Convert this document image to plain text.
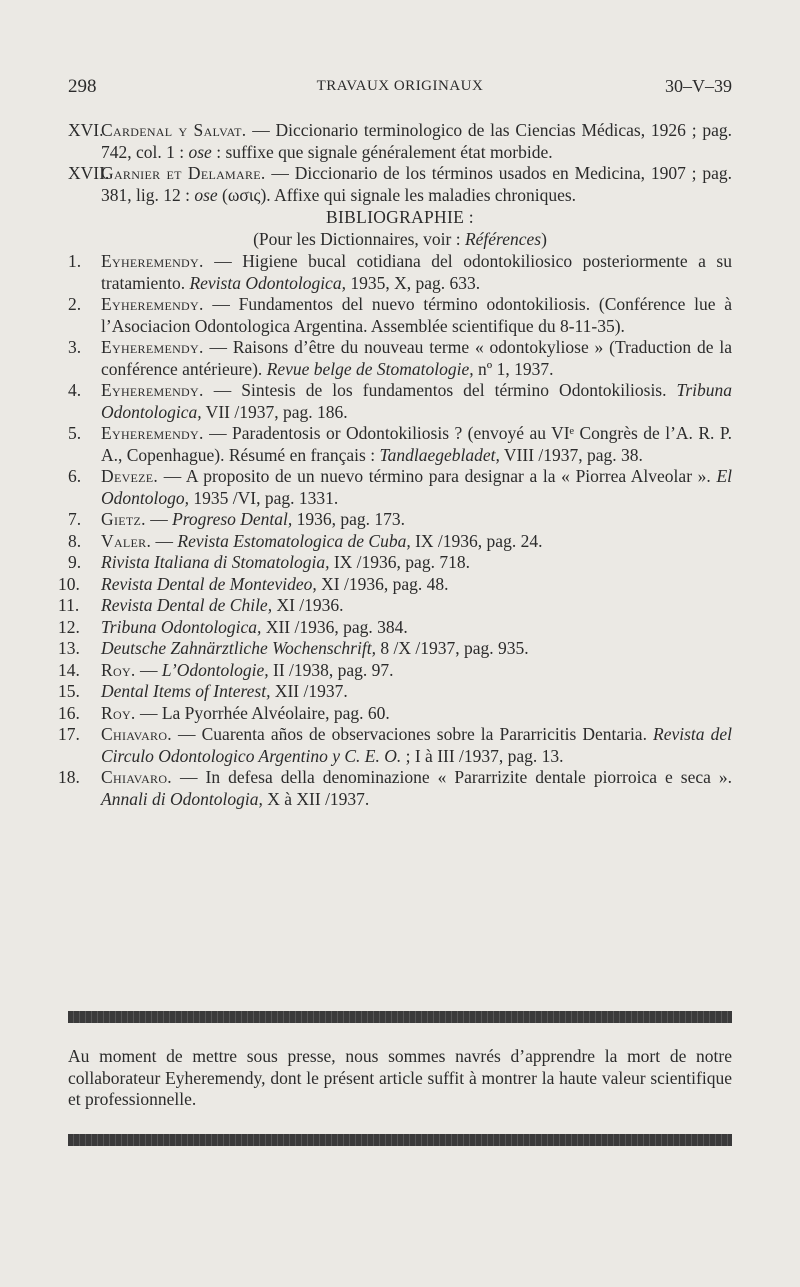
298	TRAVAUX ORIGINAUX	30–V–39
XVI.
Cardenal y Salvat. — Diccionario terminologico de las Ciencias Médicas, 1926 ; pag. 742, col. 1 : ose : suffixe que signale généralement état morbide.
XVII.
Garnier et Delamare. — Diccionario de los términos usados en Medicina, 1907 ; pag. 381, lig. 12 : ose (ωσις). Affixe qui signale les maladies chroniques.
BIBLIOGRAPHIE :
(Pour les Dictionnaires, voir : Références)
1.	Eyheremendy. — Higiene bucal cotidiana del odontokiliosico posteriormente a su tratamiento. Revista Odontologica, 1935, X, pag. 633.
2.	Eyheremendy. — Fundamentos del nuevo término odontokiliosis. (Conférence lue à l’Asociacion Odontologica Argentina. Assemblée scientifique du 8-11-35).
3.	Eyheremendy. — Raisons d’être du nouveau terme « odontokyliose » (Traduction de la conférence antérieure). Revue belge de Stomatologie, nº 1, 1937.
4.	Eyheremendy. — Sintesis de los fundamentos del término Odontokiliosis. Tribuna Odontologica, VII /1937, pag. 186.
5.	Eyheremendy. — Paradentosis or Odontokiliosis ? (envoyé au VIᵉ Congrès de l’A. R. P. A., Copenhague). Résumé en français : Tandlaegebladet, VIII /1937, pag. 38.
6.	Deveze. — A proposito de un nuevo término para designar a la « Piorrea Alveolar ». El Odontologo, 1935 /VI, pag. 1331.
7.	Gietz. — Progreso Dental, 1936, pag. 173.
8.	Valer. — Revista Estomatologica de Cuba, IX /1936, pag. 24.
9.	Rivista Italiana di Stomatologia, IX /1936, pag. 718.
10.	Revista Dental de Montevideo, XI /1936, pag. 48.
11.	Revista Dental de Chile, XI /1936.
12.	Tribuna Odontologica, XII /1936, pag. 384.
13.	Deutsche Zahnärztliche Wochenschrift, 8 /X /1937, pag. 935.
14.	Roy. — L’Odontologie, II /1938, pag. 97.
15.	Dental Items of Interest, XII /1937.
16.	Roy. — La Pyorrhée Alvéolaire, pag. 60.
17.	Chiavaro. — Cuarenta años de observaciones sobre la Pararricitis Dentaria. Revista del Circulo Odontologico Argentino y C. E. O. ; I à III /1937, pag. 13.
18.	Chiavaro. — In defesa della denominazione « Pararrizite dentale piorroica e seca ». Annali di Odontologia, X à XII /1937.
Au moment de mettre sous presse, nous sommes navrés d’apprendre la mort de notre collaborateur Eyheremendy, dont le présent article suffit à montrer la haute valeur scientifique et professionnelle.
